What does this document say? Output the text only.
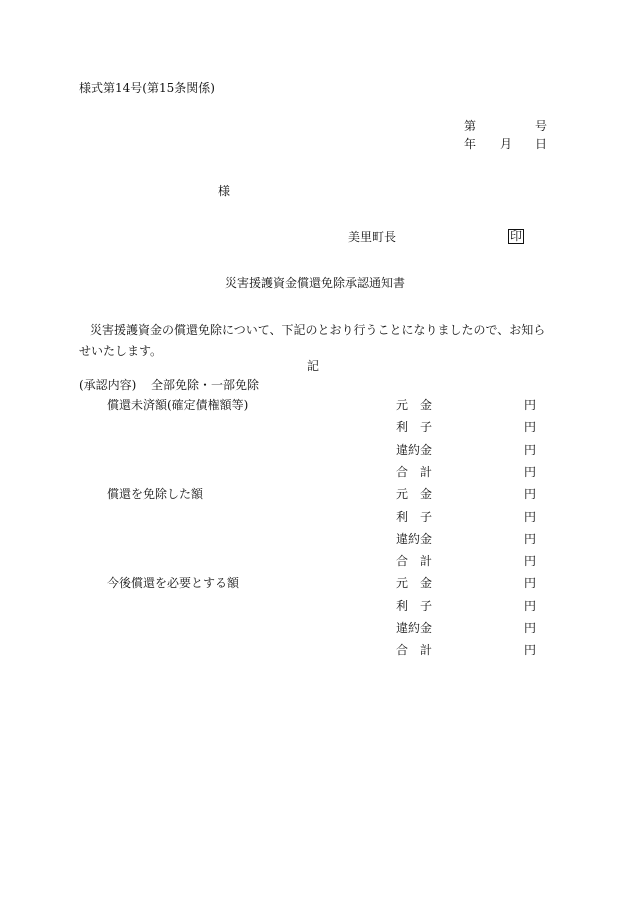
様式第14号(第15条関係)
第	号
年 月 日
様
美里町長	印
災害援護資金償還免除承認通知書
災害援護資金の償還免除について、下記のとおり行うことになりましたので、お知らせいたします。
記
(承認内容) 全部免除・一部免除
償還未済額(確定債権額等)	元　金	円
利　子	円
違約金	円
合　計	円
償還を免除した額	元　金	円
利　子	円
違約金	円
合　計	円
今後償還を必要とする額	元　金	円
利　子	円
違約金	円
合　計	円
